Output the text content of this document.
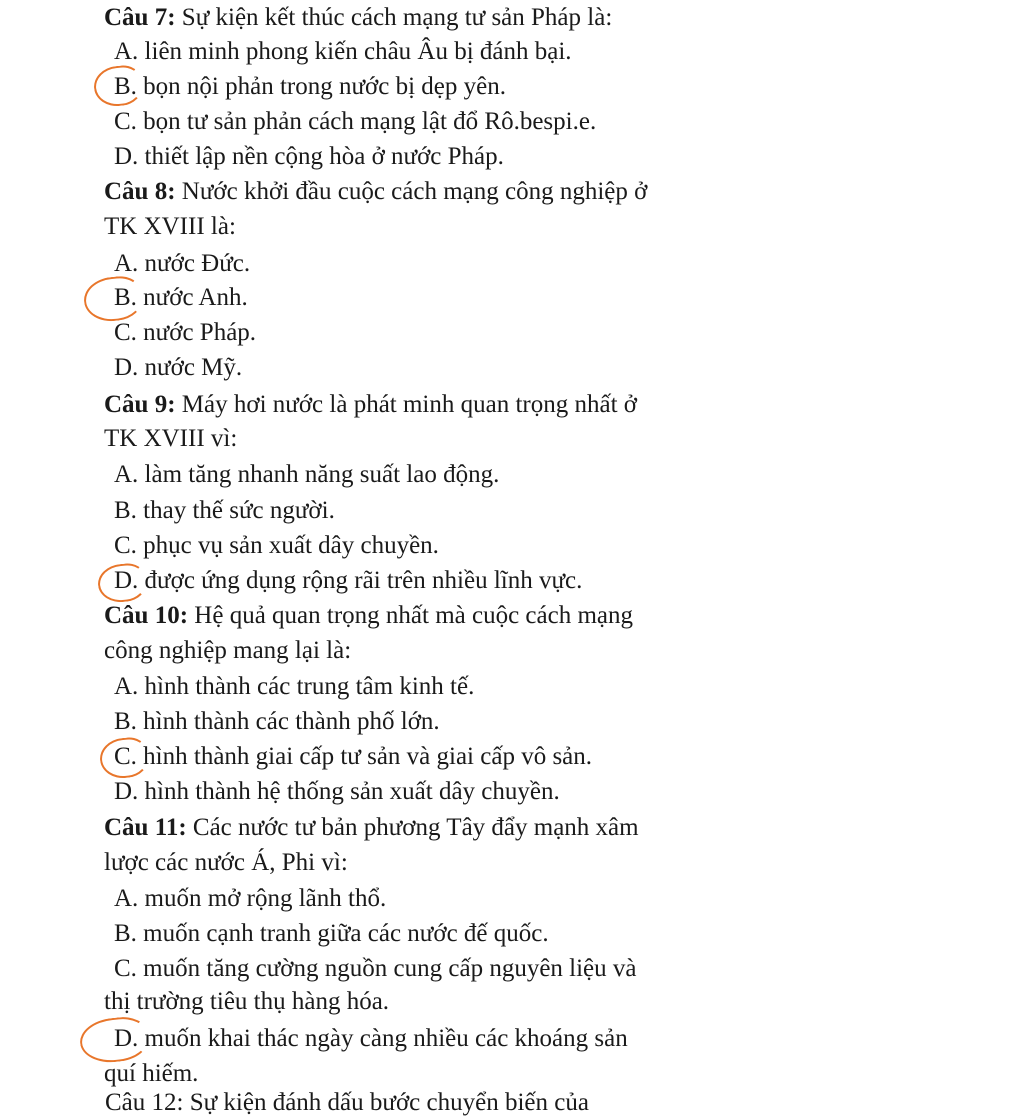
Câu 7: Sự kiện kết thúc cách mạng tư sản Pháp là:
A. liên minh phong kiến châu Âu bị đánh bại.
B. bọn nội phản trong nước bị dẹp yên.
C. bọn tư sản phản cách mạng lật đổ Rô.bespi.e.
D. thiết lập nền cộng hòa ở nước Pháp.
Câu 8: Nước khởi đầu cuộc cách mạng công nghiệp ở
TK XVIII là:
A. nước Đức.
B. nước Anh.
C. nước Pháp.
D. nước Mỹ.
Câu 9: Máy hơi nước là phát minh quan trọng nhất ở
TK XVIII vì:
A. làm tăng nhanh năng suất lao động.
B. thay thế sức người.
C. phục vụ sản xuất dây chuyền.
D. được ứng dụng rộng rãi trên nhiều lĩnh vực.
Câu 10: Hệ quả quan trọng nhất mà cuộc cách mạng
công nghiệp mang lại là:
A. hình thành các trung tâm kinh tế.
B. hình thành các thành phố lớn.
C. hình thành giai cấp tư sản và giai cấp vô sản.
D. hình thành hệ thống sản xuất dây chuyền.
Câu 11: Các nước tư bản phương Tây đẩy mạnh xâm
lược các nước Á, Phi vì:
A. muốn mở rộng lãnh thổ.
B. muốn cạnh tranh giữa các nước đế quốc.
C. muốn tăng cường nguồn cung cấp nguyên liệu và
thị trường tiêu thụ hàng hóa.
D. muốn khai thác ngày càng nhiều các khoáng sản
quí hiếm.
Câu 12: Sự kiện đánh dấu bước chuyển biến của
